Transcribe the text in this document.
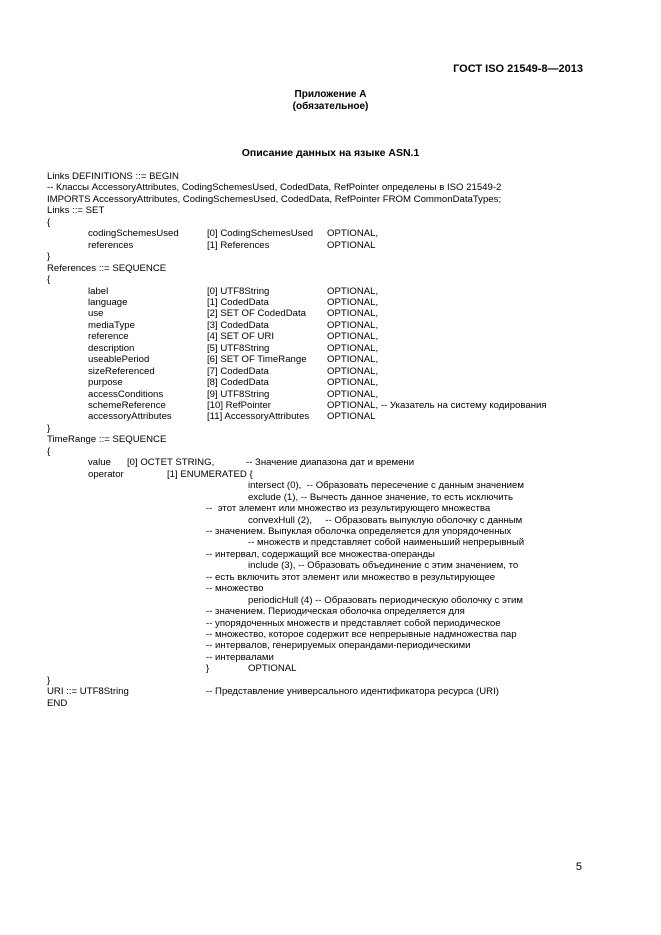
ГОСТ ISO 21549-8—2013
Приложение А
(обязательное)
Описание данных на языке ASN.1
Links DEFINITIONS ::= BEGIN
-- Классы AccessoryAttributes, CodingSchemesUsed, CodedData, RefPointer определены в ISO 21549-2
IMPORTS AccessoryAttributes, CodingSchemesUsed, CodedData, RefPointer FROM CommonDataTypes;
Links ::= SET
{
codingSchemesUsed	[0] CodingSchemesUsed OPTIONAL,
references	[1] References	OPTIONAL
}
References ::= SEQUENCE
{
label	[0] UTF8String	OPTIONAL,
language	[1] CodedData	OPTIONAL,
use	[2] SET OF CodedData OPTIONAL,
mediaType	[3] CodedData	OPTIONAL,
reference	[4] SET OF URI	OPTIONAL,
description	[5] UTF8String	OPTIONAL,
useablePeriod	[6] SET OF TimeRange OPTIONAL,
sizeReferenced	[7] CodedData	OPTIONAL,
purpose	[8] CodedData	OPTIONAL,
accessConditions	[9] UTF8String	OPTIONAL,
schemeReference	[10] RefPointer	OPTIONAL, -- Указатель на систему кодирования
accessoryAttributes	[11] AccessoryAttributes OPTIONAL
}
TimeRange ::= SEQUENCE
{
value [0] OCTET STRING,	-- Значение диапазона дат и времени
operator	[1] ENUMERATED {
intersect (0),  -- Образовать пересечение с данным значением
exclude (1), -- Вычесть данное значение, то есть исключить
--  этот элемент или множество из результирующего множества
convexHull (2),     -- Образовать выпуклую оболочку с данным
-- значением. Выпуклая оболочка определяется для упорядоченных
-- множеств и представляет собой наименьший непрерывный
-- интервал, содержащий все множества-операнды
include (3), -- Образовать объединение с этим значением, то
-- есть включить этот элемент или множество в результирующее
-- множество
periodicHull (4) -- Образовать периодическую оболочку с этим
-- значением. Периодическая оболочка определяется для
-- упорядоченных множеств и представляет собой периодическое
-- множество, которое содержит все непрерывные надмножества пар
-- интервалов, генерируемых операндами-периодическими
-- интервалами
}	OPTIONAL
}
URI ::= UTF8String	-- Представление универсального идентификатора ресурса (URI)
END
5
